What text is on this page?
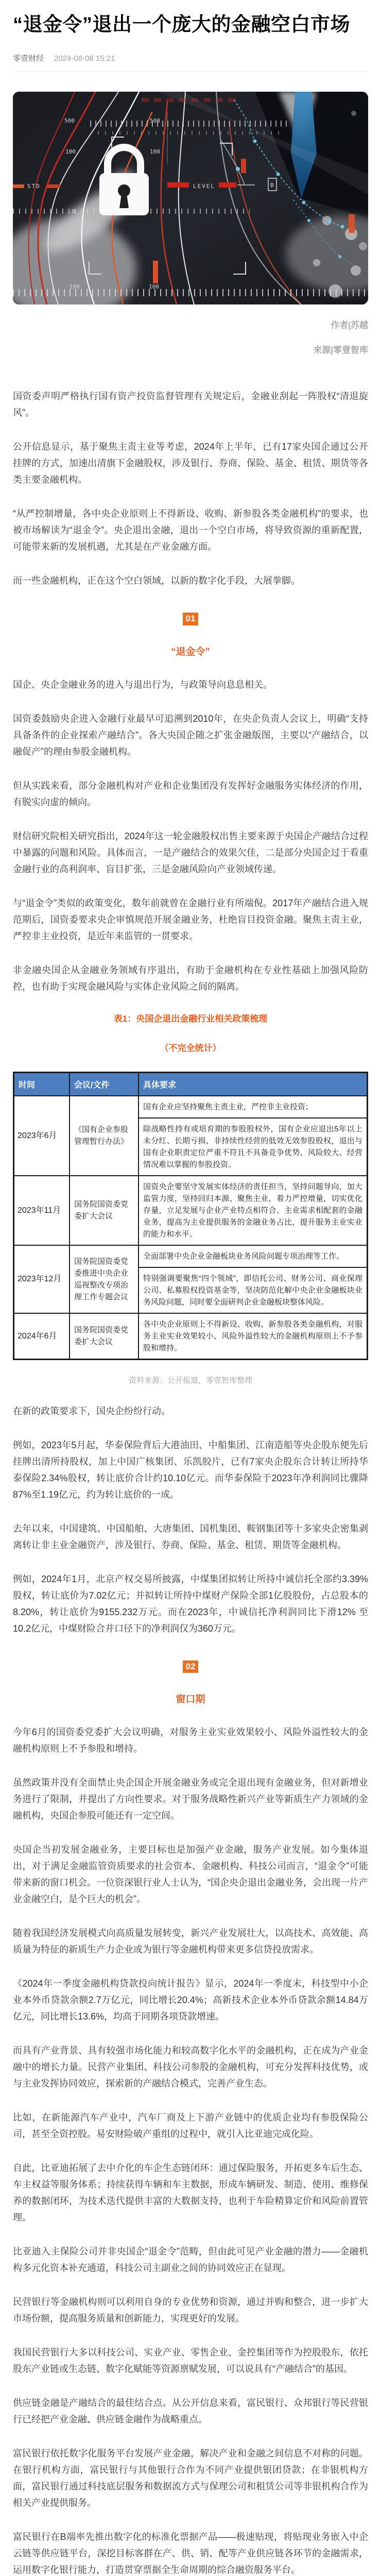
“退金令”退出一个庞大的金融空白市场
零壹财经 2024-08-08 15:21
500	500
100	100
0
100	100
STD	LEVEL	B
作者|苏越
来源|零壹智库

国资委声明严格执行国有资产投资监督管理有关规定后，金融业刮起一阵股权“清退旋风”。

公开信息显示，基于聚焦主责主业等考虑，2024年上半年，已有17家央国企通过公开挂牌的方式，加速出清旗下金融股权，涉及银行、券商、保险、基金、租赁、期货等各类主要金融机构。

“从严控制增量，各中央企业原则上不得新设、收购、新参股各类金融机构”的要求，也被市场解读为“退金令”。央企退出金融，退出一个空白市场，将导致资源的重新配置，可能带来新的发展机遇，尤其是在产业金融方面。

而一些金融机构，正在这个空白领域，以新的数字化手段，大展拳脚。

01
“退金令”

国企、央企金融业务的进入与退出行为，与政策导向息息相关。

国资委鼓励央企进入金融行业最早可追溯到2010年，在央企负责人会议上，明确“支持具备条件的企业探索产融结合”。各大央国企随之扩张金融版图，主要以“产融结合，以融促产”的理由参股金融机构。

但从实践来看，部分金融机构对产业和企业集团没有发挥好金融服务实体经济的作用，有脱实向虚的倾向。

财信研究院相关研究指出，2024年这一轮金融股权出售主要来源于央国企产融结合过程中暴露的问题和风险。具体而言，一是产融结合的效果欠佳，二是部分央国企过于看重金融行业的高利润率、盲目扩张，三是金融风险向产业领域传递。

与“退金令”类似的政策变化，数年前就曾在金融行业有所端倪。2017年产融结合进入规范期后，国资委要求央企审慎规范开展金融业务，杜绝盲目投资金融。聚焦主责主业，严控非主业投资，是近年来监管的一贯要求。

非金融央国企从金融业务领域有序退出，有助于金融机构在专业性基础上加强风险防控，也有助于实现金融风险与实体企业风险之间的隔离。

表1：央国企退出金融行业相关政策梳理
（不完全统计）
时间	会议/文件	具体要求
2023年6月	《国有企业参股管理暂行办法》	国有企业应坚持聚焦主责主业，严控非主业投资；
		除战略性持有或培育期的参股股权外，国有企业应退出5年以上未分红、长期亏损、非持续性经营的低效无效参股股权，退出与国有企业职责定位严重不符且不具备竞争优势、风险较大、经营情况难以掌握的参股投资。
2023年11月	国务院国资委党委扩大会议	国资央企要坚守发展实体经济的责任担当，坚持问题导向，加大监管力度，坚持回归本源、聚焦主业，着力严控增量，切实优化存量，立足发展与企业产业特点相符合、主业需求相配套的金融业务，提高为主业提供服务的金融业务占比，提升服务主业实业的能力和水平。
2023年12月	国务院国资委党委推进中央企业巡视整改专项治理工作专题会议	全面部署中央企业金融板块业务风险问题专项治理等工作。
		特别强调要聚焦“四个领域”，即信托公司、财务公司、商业保理公司、私募股权投资基金等，坚决防范化解中央企业金融板块业务风险问题，同时要全面研判企业金融板块整体风险。
2024年6月	国务院国资委党委扩大会议	各中央企业原则上不得新设、收购、新参股各类金融机构，对服务主业实业效果较小、风险外溢性较大的金融机构原则上不予参股和增持。
资料来源：公开报道，零壹智库整理

在新的政策要求下，国央企纷纷行动。

例如，2023年5月起，华泰保险背后大港油田、中船集团、江南造船等央企股东便先后挂牌出清所持股权，加上中国广核集团、乐凯胶片，已有7家央企股东合计转让所持华泰保险2.34%股权，转让底价合计约10.10亿元。而华泰保险于2023年净利润同比骤降87%至1.19亿元，约为转让底价的一成。

去年以来，中国建筑、中国船舶、大唐集团、国机集团、鞍钢集团等十多家央企密集剥离转让非主业金融资产，涉及银行、券商、保险、基金、租赁、期货等金融机构。

例如，2024年1月，北京产权交易所披露，中煤集团拟转让所持中诚信托全部约3.39%股权，转让底价为7.02亿元；并拟转让所持中煤财产保险全部1亿股股份，占总股本的8.20%，转让底价为9155.232万元。而在2023年，中诚信托净利润同比下滑12% 至10.2亿元，中煤财险合并口径下的净利润仅为360万元。

02
窗口期

今年6月的国资委党委扩大会议明确，对服务主业实业效果较小、风险外溢性较大的金融机构原则上不予参股和增持。

虽然政策并没有全面禁止央企国企开展金融业务或完全退出现有金融业务，但对新增业务进行了限制，并提出了方向性要求。对于服务战略性新兴产业等新质生产力领域的金融机构，央国企参股可能还有一定空间。

央国企当初发展金融业务，主要目标也是加强产业金融，服务产业发展。如今集体退出，对于满足金融监管资质要求的社会资本、金融机构、科技公司而言，“退金令”可能带来新的窗口机会。一位资深银行业人士认为，“国企央企退出金融业务，会出现一片产业金融空白，是个巨大的机会”。

随着我国经济发展模式向高质量发展转变，新兴产业发展壮大，以高技术、高效能、高质量为特征的新质生产力企业或为银行等金融机构带来更多信贷投放需求。

《2024年一季度金融机构贷款投向统计报告》显示，2024年一季度末，科技型中小企业本外币贷款余额2.7万亿元，同比增长20.4%；高新技术企业本外币贷款余额14.84万亿元，同比增长13.6%，均高于同期各项贷款增速。

而具有产业背景、具有较强市场化能力和较高数字化水平的金融机构，正在成为产业金融中的增长力量。民营产业集团、科技公司参股的金融机构，可充分发挥科技优势，或与主业发挥协同效应，探索新的产融结合模式，完善产业生态。

比如，在新能源汽车产业中，汽车厂商及上下游产业链中的优质企业均有参股保险公司，甚至全资控股。易安财险破产重组的过程中，就引入比亚迪完成化险。

自此，比亚迪拓展了去中介化的车企生态链闭环：通过保险服务，开拓更多车后生态、车主权益等服务体系；持续获得车辆和车主数据，形成车辆研发、制造、使用、维修保养的数据闭环，为技术迭代提供丰富的大数据支持，也利于车险精算定价和风险前置管理。

比亚迪入主保险公司并非央国企“退金令”范畴，但由此可见产业金融的潜力——金融机构多元化资本补充通道，科技公司主副业之间的协同效应正在显现。

民营银行等金融机构则可以利用自身的专业优势和资源，通过并购和整合，进一步扩大市场份额，提高服务质量和创新能力，实现更好的发展。

我国民营银行大多以科技公司、实业产业、零售企业、金控集团等作为控股股东，依托股东产业链或生态链、数字化赋能等资源禀赋发展，可以说具有“产融结合”的基因。

供应链金融是产融结合的最佳结合点。从公开信息来看，富民银行、众邦银行等民营银行已经把产业金融、供应链金融作为战略重点。

富民银行依托数字化服务平台发展产业金融，解决产业和金融之间信息不对称的问题。在银行机构方面，富民银行与其他银行合作为不同产业提供银团贷款；在非银机构方面，富民银行通过科技底层服务和数据流方式与保理公司和租赁公司等非银机构合作为相关产业提供服务。

富民银行在B端率先推出数字化的标准化票据产品——极速贴现，将贴现业务嵌入中企云链等供应链平台，深挖目标客群在产、供、销、配等产业供应链各环节的金融需求，运用数字化银行能力，打造贯穿票据全生命周期的综合融资服务平台。
